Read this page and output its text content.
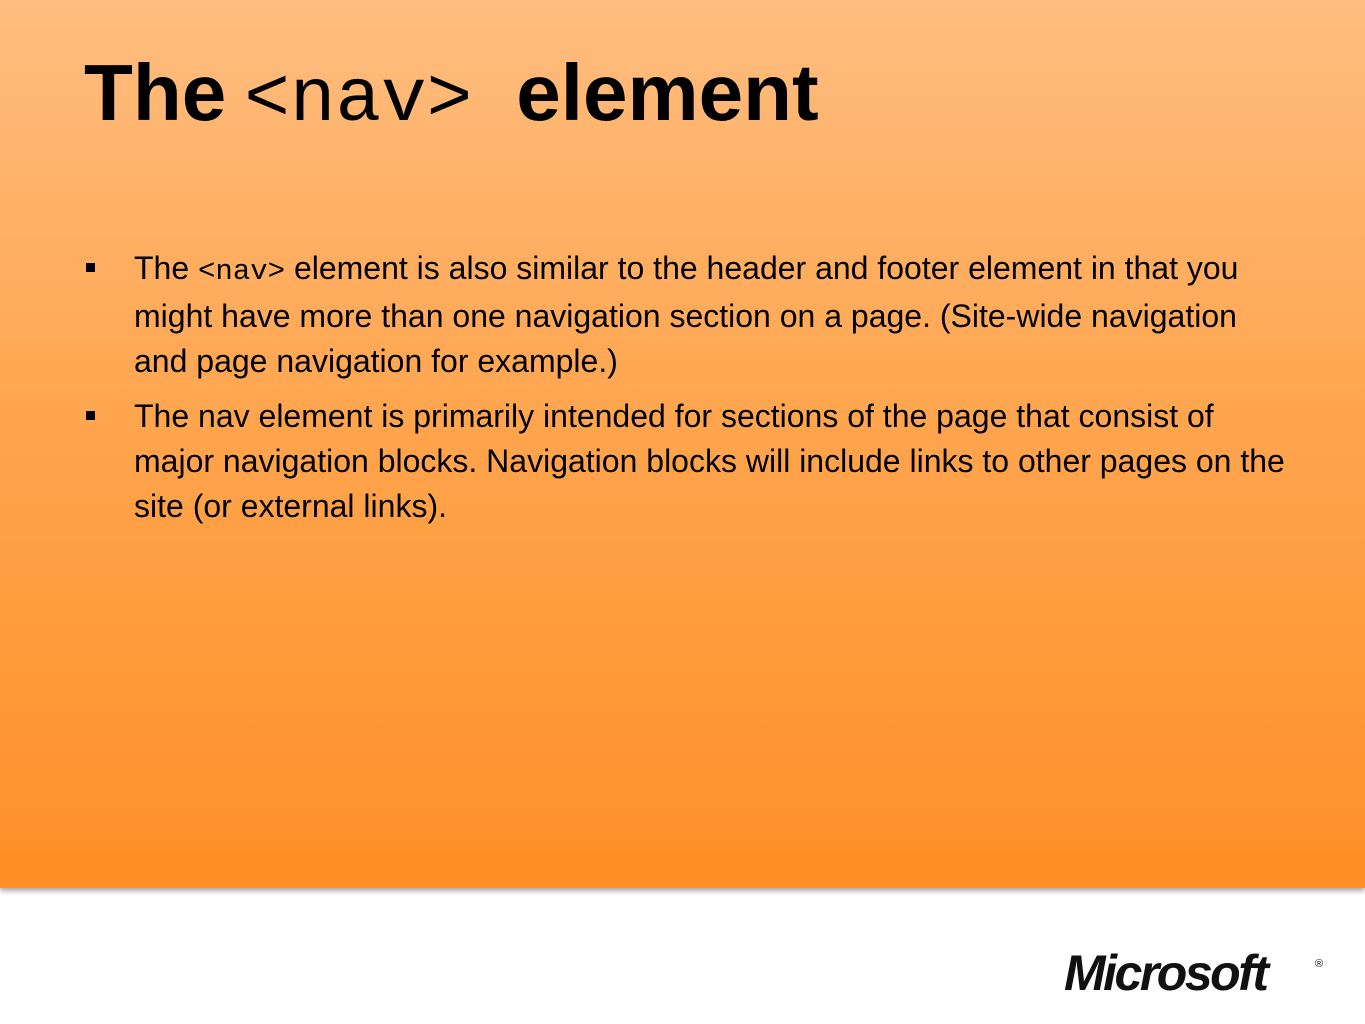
The <nav> element
The <nav> element is also similar to the header and footer element in that you might have more than one navigation section on a page. (Site-wide navigation and page navigation for example.)
The nav element is primarily intended for sections of the page that consist of major navigation blocks. Navigation blocks will include links to other pages on the site (or external links).
Microsoft	®
